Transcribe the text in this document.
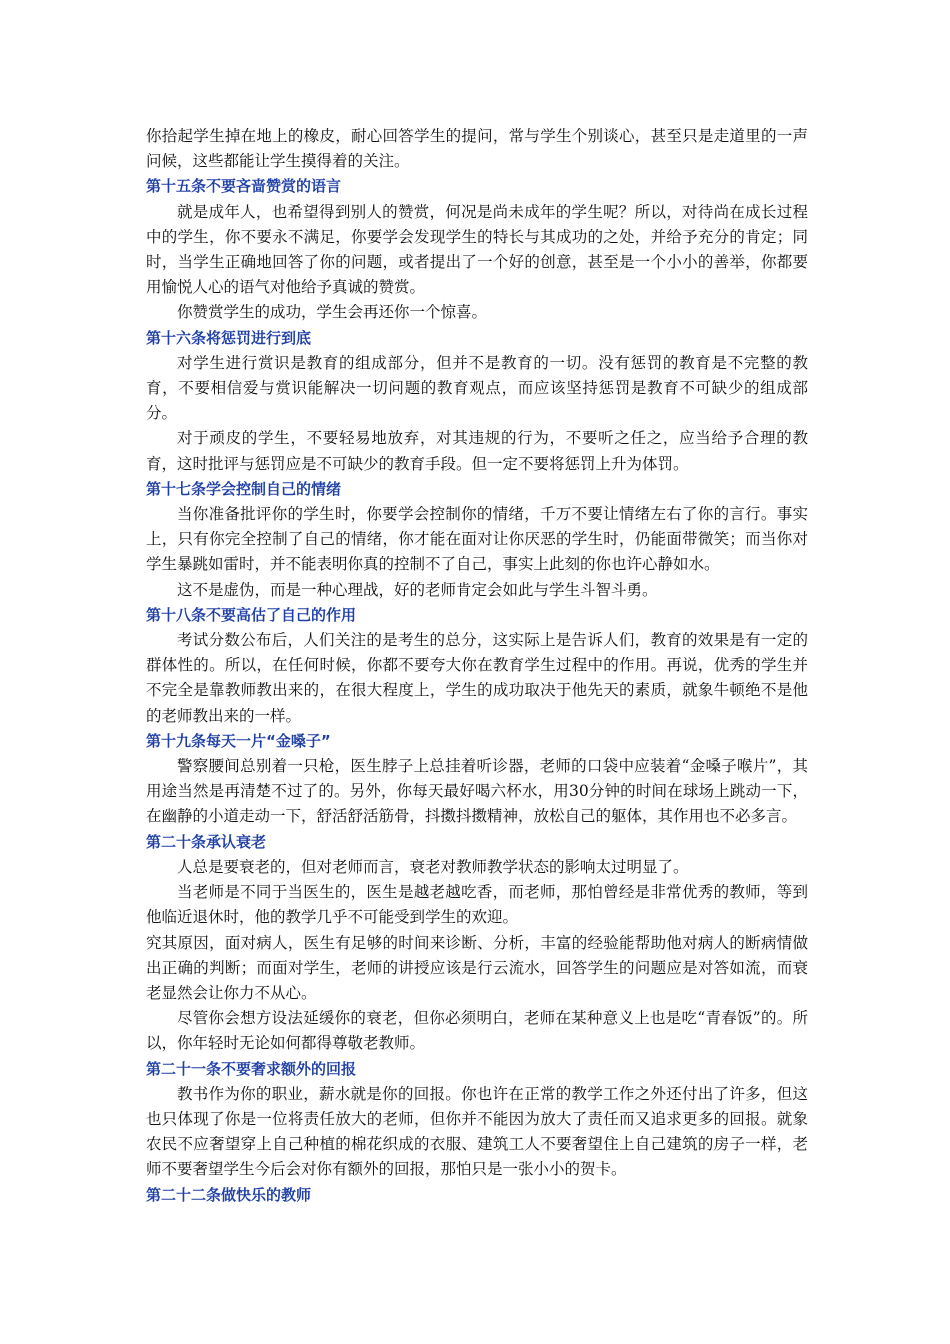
你拾起学生掉在地上的橡皮，耐心回答学生的提问，常与学生个别谈心，甚至只是走道里的一声问候，这些都能让学生摸得着的关注。

第十五条不要吝啬赞赏的语言

就是成年人，也希望得到别人的赞赏，何况是尚未成年的学生呢？所以，对待尚在成长过程中的学生，你不要永不满足，你要学会发现学生的特长与其成功的之处，并给予充分的肯定；同时，当学生正确地回答了你的问题，或者提出了一个好的创意，甚至是一个小小的善举，你都要用愉悦人心的语气对他给予真诚的赞赏。

你赞赏学生的成功，学生会再还你一个惊喜。

第十六条将惩罚进行到底

对学生进行赏识是教育的组成部分，但并不是教育的一切。没有惩罚的教育是不完整的教育，不要相信爱与赏识能解决一切问题的教育观点，而应该坚持惩罚是教育不可缺少的组成部分。

对于顽皮的学生，不要轻易地放弃，对其违规的行为，不要听之任之，应当给予合理的教育，这时批评与惩罚应是不可缺少的教育手段。但一定不要将惩罚上升为体罚。

第十七条学会控制自己的情绪

当你准备批评你的学生时，你要学会控制你的情绪，千万不要让情绪左右了你的言行。事实上，只有你完全控制了自己的情绪，你才能在面对让你厌恶的学生时，仍能面带微笑；而当你对学生暴跳如雷时，并不能表明你真的控制不了自己，事实上此刻的你也许心静如水。

这不是虚伪，而是一种心理战，好的老师肯定会如此与学生斗智斗勇。

第十八条不要高估了自己的作用

考试分数公布后，人们关注的是考生的总分，这实际上是告诉人们，教育的效果是有一定的群体性的。所以，在任何时候，你都不要夸大你在教育学生过程中的作用。再说，优秀的学生并不完全是靠教师教出来的，在很大程度上，学生的成功取决于他先天的素质，就象牛顿绝不是他的老师教出来的一样。

第十九条每天一片“金嗓子”

警察腰间总别着一只枪，医生脖子上总挂着听诊器，老师的口袋中应装着“金嗓子喉片”，其用途当然是再清楚不过了的。另外，你每天最好喝六杯水，用30分钟的时间在球场上跳动一下，在幽静的小道走动一下，舒活舒活筋骨，抖擞抖擞精神，放松自己的躯体，其作用也不必多言。

第二十条承认衰老

人总是要衰老的，但对老师而言，衰老对教师教学状态的影响太过明显了。

当老师是不同于当医生的，医生是越老越吃香，而老师，那怕曾经是非常优秀的教师，等到他临近退休时，他的教学几乎不可能受到学生的欢迎。

究其原因，面对病人，医生有足够的时间来诊断、分析，丰富的经验能帮助他对病人的断病情做出正确的判断；而面对学生，老师的讲授应该是行云流水，回答学生的问题应是对答如流，而衰老显然会让你力不从心。

尽管你会想方设法延缓你的衰老，但你必须明白，老师在某种意义上也是吃“青春饭”的。所以，你年轻时无论如何都得尊敬老教师。

第二十一条不要奢求额外的回报

教书作为你的职业，薪水就是你的回报。你也许在正常的教学工作之外还付出了许多，但这也只体现了你是一位将责任放大的老师，但你并不能因为放大了责任而又追求更多的回报。就象农民不应奢望穿上自己种植的棉花织成的衣服、建筑工人不要奢望住上自己建筑的房子一样，老师不要奢望学生今后会对你有额外的回报，那怕只是一张小小的贺卡。

第二十二条做快乐的教师
